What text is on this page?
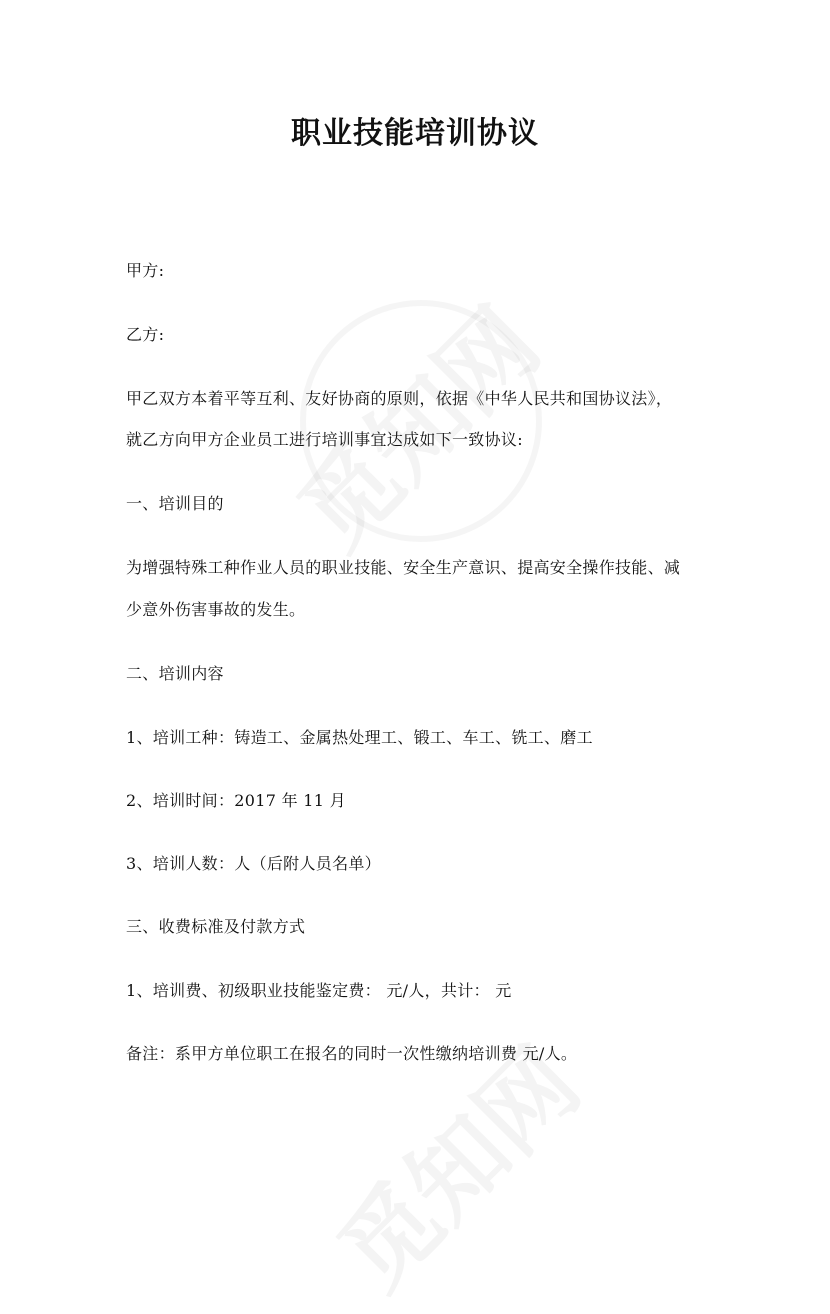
职业技能培训协议
甲方:
乙方:
甲乙双方本着平等互利、友好协商的原则，依据《中华人民共和国协议法》，
就乙方向甲方企业员工进行培训事宜达成如下一致协议:
一、培训目的
为增强特殊工种作业人员的职业技能、安全生产意识、提高安全操作技能、减
少意外伤害事故的发生。
二、培训内容
1、培训工种：铸造工、金属热处理工、锻工、车工、铣工、磨工
2、培训时间：2017 年 11 月
3、培训人数：人（后附人员名单）
三、收费标准及付款方式
1、培训费、初级职业技能鉴定费： 元/人，共计： 元
备注：系甲方单位职工在报名的同时一次性缴纳培训费 元/人。
